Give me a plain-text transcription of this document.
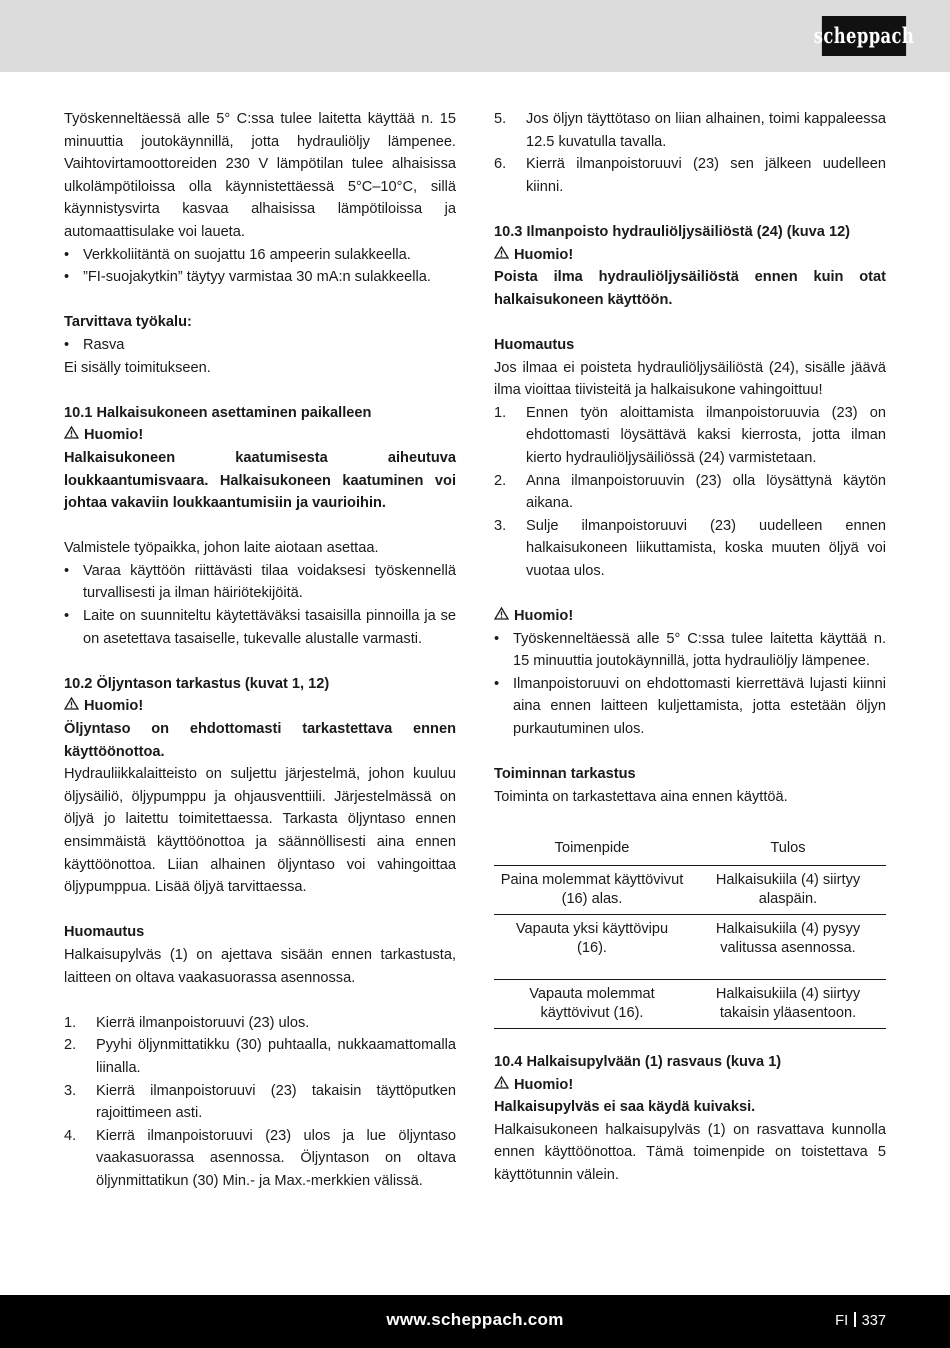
scheppach

Työskenneltäessä alle 5° C:ssa tulee laitetta käyttää n. 15 minuuttia joutokäynnillä, jotta hydrauliöljy lämpenee. Vaihtovirtamoottoreiden 230 V lämpötilan tulee alhaisissa ulkolämpötiloissa olla käynnistettäessä 5°C–10°C, sillä käynnistysvirta kasvaa alhaisissa lämpötiloissa ja automaattisulake voi laueta.

• Verkkoliitäntä on suojattu 16 ampeerin sulakkeella.

• ”FI-suojakytkin” täytyy varmistaa 30 mA:n sulakkeella.

Tarvittava työkalu:

• Rasva

Ei sisälly toimitukseen.

10.1 Halkaisukoneen asettaminen paikalleen

Huomio!

Halkaisukoneen kaatumisesta aiheutuva loukkaantumisvaara. Halkaisukoneen kaatuminen voi johtaa vakaviin loukkaantumisiin ja vaurioihin.

Valmistele työpaikka, johon laite aiotaan asettaa.

• Varaa käyttöön riittävästi tilaa voidaksesi työskennellä turvallisesti ja ilman häiriötekijöitä.

• Laite on suunniteltu käytettäväksi tasaisilla pinnoilla ja se on asetettava tasaiselle, tukevalle alustalle varmasti.

10.2 Öljyntason tarkastus (kuvat 1, 12)

Huomio!

Öljyntaso on ehdottomasti tarkastettava ennen käyttöönottoa.

Hydrauliikkalaitteisto on suljettu järjestelmä, johon kuuluu öljysäiliö, öljypumppu ja ohjausventtiili. Järjestelmässä on öljyä jo laitettu toimitettaessa. Tarkasta öljyntaso ennen ensimmäistä käyttöönottoa ja säännöllisesti aina ennen käyttöönottoa. Liian alhainen öljyntaso voi vahingoittaa öljypumppua. Lisää öljyä tarvittaessa.

Huomautus

Halkaisupylväs (1) on ajettava sisään ennen tarkastusta, laitteen on oltava vaakasuorassa asennossa.

1. Kierrä ilmanpoistoruuvi (23) ulos.

2. Pyyhi öljynmittatikku (30) puhtaalla, nukkaamattomalla liinalla.

3. Kierrä ilmanpoistoruuvi (23) takaisin täyttöputken rajoittimeen asti.

4. Kierrä ilmanpoistoruuvi (23) ulos ja lue öljyntaso vaakasuorassa asennossa. Öljyntason on oltava öljynmittatikun (30) Min.- ja Max.-merkkien välissä.

5. Jos öljyn täyttötaso on liian alhainen, toimi kappaleessa 12.5 kuvatulla tavalla.

6. Kierrä ilmanpoistoruuvi (23) sen jälkeen uudelleen kiinni.

10.3 Ilmanpoisto hydrauliöljysäiliöstä (24) (kuva 12)

Huomio!

Poista ilma hydrauliöljysäiliöstä ennen kuin otat halkaisukoneen käyttöön.

Huomautus

Jos ilmaa ei poisteta hydrauliöljysäiliöstä (24), sisälle jäävä ilma vioittaa tiivisteitä ja halkaisukone vahingoittuu!

1. Ennen työn aloittamista ilmanpoistoruuvia (23) on ehdottomasti löysättävä kaksi kierrosta, jotta ilman kierto hydrauliöljysäiliössä (24) varmistetaan.

2. Anna ilmanpoistoruuvin (23) olla löysättynä käytön aikana.

3. Sulje ilmanpoistoruuvi (23) uudelleen ennen halkaisukoneen liikuttamista, koska muuten öljyä voi vuotaa ulos.

Huomio!

• Työskenneltäessä alle 5° C:ssa tulee laitetta käyttää n. 15 minuuttia joutokäynnillä, jotta hydrauliöljy lämpenee.

• Ilmanpoistoruuvi on ehdottomasti kierrettävä lujasti kiinni aina ennen laitteen kuljettamista, jotta estetään öljyn purkautuminen ulos.

Toiminnan tarkastus

Toiminta on tarkastettava aina ennen käyttöä.

Toimenpide	Tulos
Paina molemmat käyttövivut (16) alas.	Halkaisukiila (4) siirtyy alaspäin.
Vapauta yksi käyttövipu (16).	Halkaisukiila (4) pysyy valitussa asennossa.
Vapauta molemmat käyttövivut (16).	Halkaisukiila (4) siirtyy takaisin yläasentoon.

10.4 Halkaisupylvään (1) rasvaus (kuva 1)

Huomio!

Halkaisupylväs ei saa käydä kuivaksi.

Halkaisukoneen halkaisupylväs (1) on rasvattava kunnolla ennen käyttöönottoa. Tämä toimenpide on toistettava 5 käyttötunnin välein.

www.scheppach.com	FI 337
